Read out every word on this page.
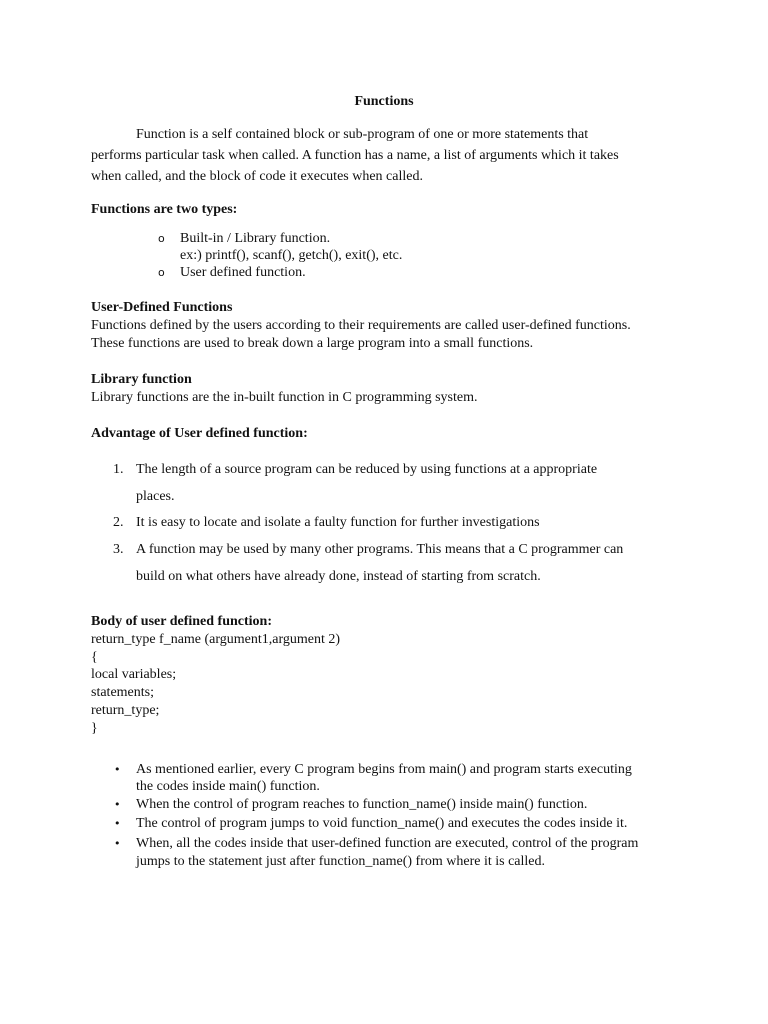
Functions
Function is a self contained block or sub-program of one or more statements that
performs particular task when called. A function has a name, a list of arguments which it takes
when called, and the block of code it executes when called.
Functions are two types:
o	Built-in / Library function.
ex:) printf(), scanf(), getch(), exit(), etc.
o	User defined function.
User-Defined Functions
Functions defined by the users according to their requirements are called user-defined functions.
These functions are used to break down a large program into a small functions.
Library function
Library functions are the in-built function in C programming system.
Advantage of User defined function:
1. The length of a source program can be reduced by using functions at a appropriate
places.
2. It is easy to locate and isolate a faulty function for further investigations
3. A function may be used by many other programs. This means that a C programmer can
build on what others have already done, instead of starting from scratch.
Body of user defined function:
return_type f_name (argument1,argument 2)
{
local variables;
statements;
return_type;
}
• As mentioned earlier, every C program begins from main() and program starts executing
the codes inside main() function.
• When the control of program reaches to function_name() inside main() function.
• The control of program jumps to void function_name() and executes the codes inside it.
• When, all the codes inside that user-defined function are executed, control of the program
jumps to the statement just after function_name() from where it is called.
